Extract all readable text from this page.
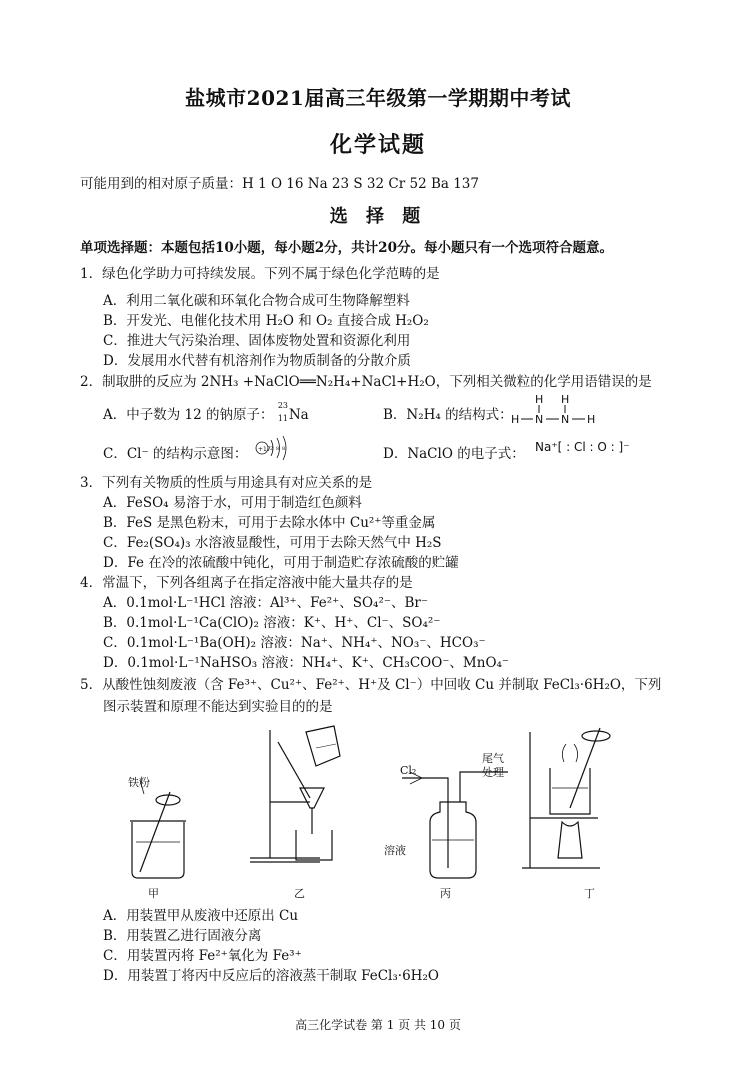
盐城市2021届高三年级第一学期期中考试
化学试题
可能用到的相对原子质量：H 1 O 16 Na 23 S 32 Cr 52 Ba 137
选 择 题
单项选择题：本题包括10小题，每小题2分，共计20分。每小题只有一个选项符合题意。
1．绿色化学助力可持续发展。下列不属于绿色化学范畴的是
A．利用二氧化碳和环氧化合物合成可生物降解塑料
B．开发光、电催化技术用 H₂O 和 O₂ 直接合成 H₂O₂
C．推进大气污染治理、固体废物处置和资源化利用
D．发展用水代替有机溶剂作为物质制备的分散介质
2．制取肼的反应为 2NH₃ +NaClO══N₂H₄+NaCl+H₂O，下列相关微粒的化学用语错误的是
A．中子数为 12 的钠原子：
23
11 Na	B．N₂H₄ 的结构式：
H H
H N N H
C．Cl⁻ 的结构示意图： +17 2 8 8	D．NaClO 的电子式： Na⁺[ : Cl : O : ]⁻
3．下列有关物质的性质与用途具有对应关系的是
A．FeSO₄ 易溶于水，可用于制造红色颜料
B．FeS 是黑色粉末，可用于去除水体中 Cu²⁺等重金属
C．Fe₂(SO₄)₃ 水溶液显酸性，可用于去除天然气中 H₂S
D．Fe 在冷的浓硫酸中钝化，可用于制造贮存浓硫酸的贮罐
4．常温下，下列各组离子在指定溶液中能大量共存的是
A．0.1mol·L⁻¹HCl 溶液：Al³⁺、Fe²⁺、SO₄²⁻、Br⁻
B．0.1mol·L⁻¹Ca(ClO)₂ 溶液：K⁺、H⁺、Cl⁻、SO₄²⁻
C．0.1mol·L⁻¹Ba(OH)₂ 溶液：Na⁺、NH₄⁺、NO₃⁻、HCO₃⁻
D．0.1mol·L⁻¹NaHSO₃ 溶液：NH₄⁺、K⁺、CH₃COO⁻、MnO₄⁻
5．从酸性蚀刻废液（含 Fe³⁺、Cu²⁺、Fe²⁺、H⁺及 Cl⁻）中回收 Cu 并制取 FeCl₃·6H₂O，下列
图示装置和原理不能达到实验目的的是
铁粉
Cl₂
尾气
处理
溶液
甲	乙	丙	丁
A．用装置甲从废液中还原出 Cu
B．用装置乙进行固液分离
C．用装置丙将 Fe²⁺氧化为 Fe³⁺
D．用装置丁将丙中反应后的溶液蒸干制取 FeCl₃·6H₂O
高三化学试卷 第 1 页 共 10 页
